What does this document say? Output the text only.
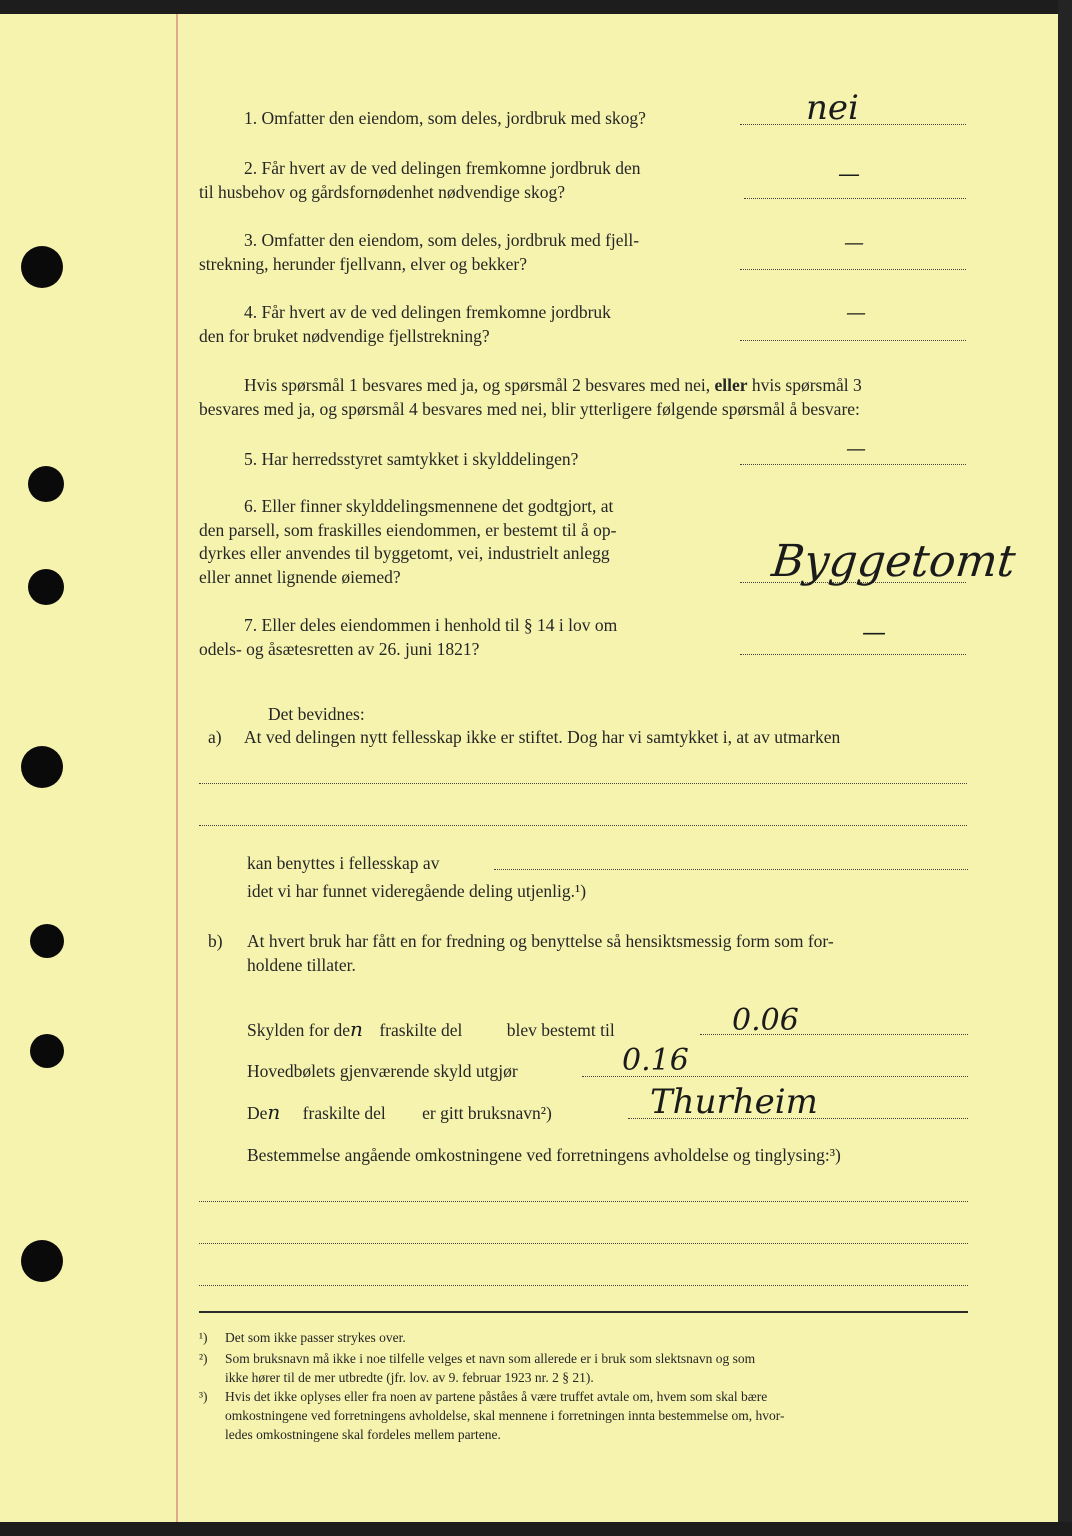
1. Omfatter den eiendom, som deles, jordbruk med skog?	nei
2. Får hvert av de ved delingen fremkomne jordbruk den
til husbehov og gårdsfornødenhet nødvendige skog?
—
3. Omfatter den eiendom, som deles, jordbruk med fjell-
strekning, herunder fjellvann, elver og bekker?
—
4. Får hvert av de ved delingen fremkomne jordbruk
den for bruket nødvendige fjellstrekning?
—
Hvis spørsmål 1 besvares med ja, og spørsmål 2 besvares med nei, eller hvis spørsmål 3
besvares med ja, og spørsmål 4 besvares med nei, blir ytterligere følgende spørsmål å besvare:
5. Har herredsstyret samtykket i skylddelingen?	—
6. Eller finner skylddelingsmennene det godtgjort, at
den parsell, som fraskilles eiendommen, er bestemt til å op-
dyrkes eller anvendes til byggetomt, vei, industrielt anlegg
eller annet lignende øiemed?	Byggetomt
7. Eller deles eiendommen i henhold til § 14 i lov om
odels- og åsætesretten av 26. juni 1821?
—
Det bevidnes:
a) At ved delingen nytt fellesskap ikke er stiftet. Dog har vi samtykket i, at av utmarken
kan benyttes i fellesskap av
idet vi har funnet videregående deling utjenlig.¹)
b) At hvert bruk har fått en for fredning og benyttelse så hensiktsmessig form som for-
holdene tillater.
Skylden for den fraskilte del	blev bestemt til	0.06
Hovedbølets gjenværende skyld utgjør	0.16
Den fraskilte del er gitt bruksnavn²)	Thurheim
Bestemmelse angående omkostningene ved forretningens avholdelse og tinglysing:³)
¹) Det som ikke passer strykes over.
²) Som bruksnavn må ikke i noe tilfelle velges et navn som allerede er i bruk som slektsnavn og som
ikke hører til de mer utbredte (jfr. lov. av 9. februar 1923 nr. 2 § 21).
³) Hvis det ikke oplyses eller fra noen av partene påståes å være truffet avtale om, hvem som skal bære
omkostningene ved forretningens avholdelse, skal mennene i forretningen innta bestemmelse om, hvor-
ledes omkostningene skal fordeles mellem partene.
